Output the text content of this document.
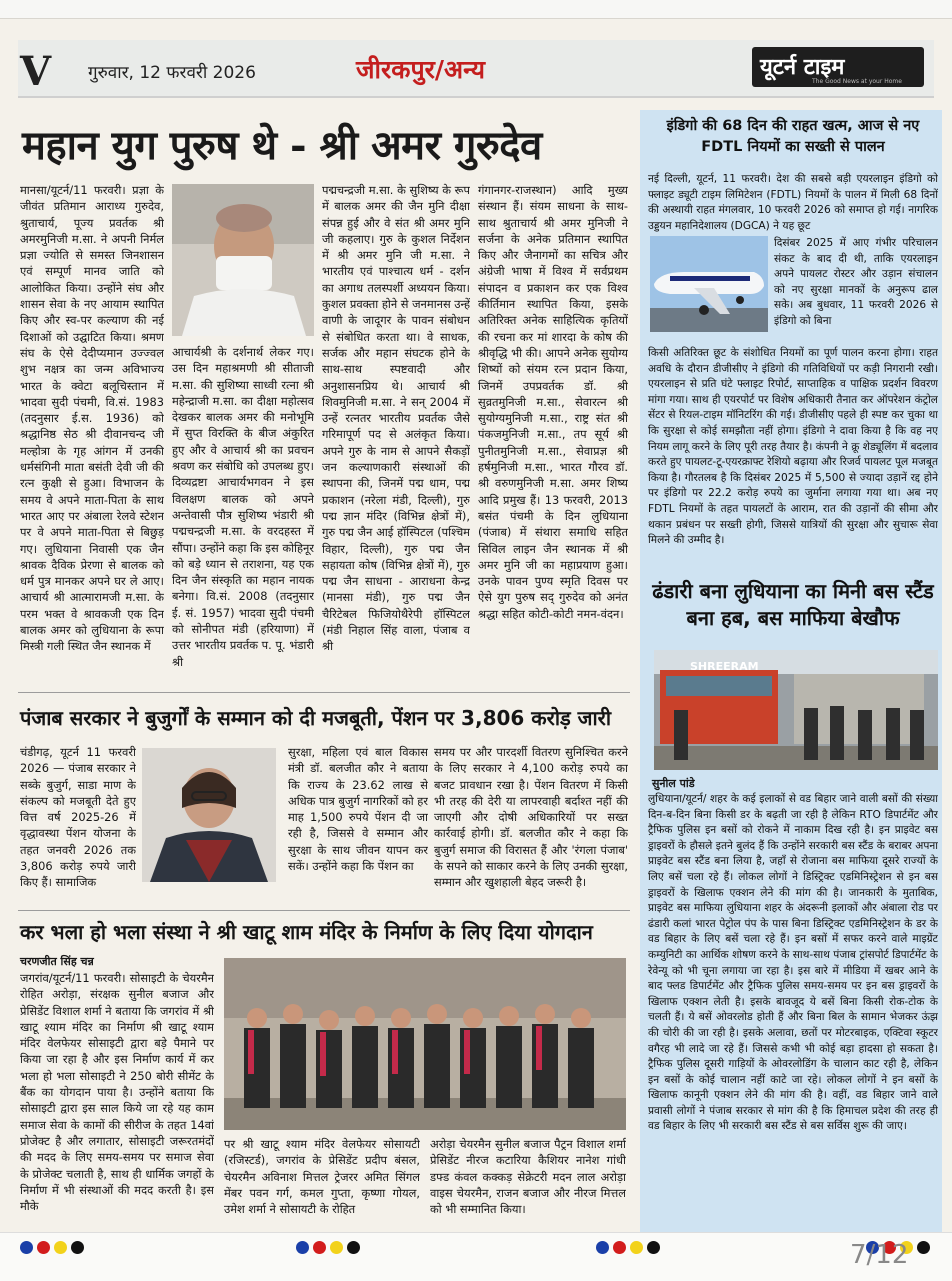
V गुरुवार, 12 फरवरी 2026	जीरकपुर/अन्य	यूटर्न टाइम
The Good News at your Home
महान युग पुरुष थे - श्री अमर गुरुदेव
मानसा/यूटर्न/11 फरवरी। प्रज्ञा के जीवंत प्रतिमान आराध्य गुरुदेव, श्रुताचार्य, पूज्य प्रवर्तक श्री अमरमुनिजी म.सा. ने अपनी निर्मल प्रज्ञा ज्योति से समस्त जिनशासन एवं सम्पूर्ण मानव जाति को आलोकित किया। उन्होंने संघ और शासन सेवा के नए आयाम स्थापित किए और स्व-पर कल्याण की नई दिशाओं को उद्घाटित किया। श्रमण संघ के ऐसे देदीप्यमान उज्ज्वल शुभ नक्षत्र का जन्म अविभाज्य भारत के क्वेटा बलूचिस्तान में भादवा सुदी पंचमी, वि.सं. 1983 (तदनुसार ई.स. 1936) को श्रद्धानिष्ठ सेठ श्री दीवानचन्द जी मल्होत्रा के गृह आंगन में उनकी धर्मसंगिनी माता बसंती देवी जी की रत्न कुक्षी से हुआ। विभाजन के समय वे अपने माता-पिता के साथ भारत आए पर अंबाला रेलवे स्टेशन पर वे अपने माता-पिता से बिछुड़ गए। लुधियाना निवासी एक जैन श्रावक दैविक प्रेरणा से बालक को धर्म पुत्र मानकर अपने घर ले आए। आचार्य श्री आत्मारामजी म.सा. के परम भक्त वे श्रावकजी एक दिन बालक अमर को लुधियाना के रूपा मिस्त्री गली स्थित जैन स्थानक में
आचार्यश्री के दर्शनार्थ लेकर गए। उस दिन महाश्रमणी श्री सीताजी म.सा. की सुशिष्या साध्वी रत्ना श्री महेन्द्राजी म.सा. का दीक्षा महोत्सव देखकर बालक अमर की मनोभूमि में सुप्त विरक्ति के बीज अंकुरित हुए और वे आचार्य श्री का प्रवचन श्रवण कर संबोधि को उपलब्ध हुए। दिव्यद्रष्टा आचार्यभगवन ने इस विलक्षण बालक को अपने अन्तेवासी पौत्र सुशिष्य भंडारी श्री पद्मचन्द्रजी म.सा. के वरदहस्त में सौंपा। उन्होंने कहा कि इस कोहिनूर को बड़े ध्यान से तराशना, यह एक दिन जैन संस्कृति का महान नायक बनेगा। वि.सं. 2008 (तदनुसार ई. सं. 1957) भादवा सुदी पंचमी को सोनीपत मंडी (हरियाणा) में उत्तर भारतीय प्रवर्तक प. पू. भंडारी श्री
पद्मचन्द्रजी म.सा. के सुशिष्य के रूप में बालक अमर की जैन मुनि दीक्षा संपन्न हुई और वे संत श्री अमर मुनि जी कहलाए। गुरु के कुशल निर्देशन में श्री अमर मुनि जी म.सा. ने भारतीय एवं पाश्चात्य धर्म - दर्शन का अगाध तलस्पर्शी अध्ययन किया। कुशल प्रवक्ता होने से जनमानस उन्हें वाणी के जादूगर के पावन संबोधन से संबोधित करता था। वे साधक, सर्जक और महान संघटक होने के साथ-साथ स्पष्टवादी और अनुशासनप्रिय थे। आचार्य श्री शिवमुनिजी म.सा. ने सन्‌ 2004 में उन्हें रत्नतर भारतीय प्रवर्तक जैसे गरिमापूर्ण पद से अलंकृत किया। अपने गुरु के नाम से आपने सैकड़ों जन कल्याणकारी संस्थाओं की स्थापना की, जिनमें पद्म धाम, पद्म प्रकाशन (नरेला मंडी, दिल्ली), गुरु पद्म ज्ञान मंदिर (विभिन्न क्षेत्रों में), गुरु पद्म जैन आई हॉस्पिटल (पश्चिम विहार, दिल्ली), गुरु पद्म जैन सहायता कोष (विभिन्न क्षेत्रों में), गुरु पद्म जैन साधना - आराधना केन्द्र (मानसा मंडी), गुरु पद्म जैन चैरिटेबल फिजियोथैरेपी हॉस्पिटल (मंडी निहाल सिंह वाला, पंजाब व श्री
गंगानगर-राजस्थान) आदि मुख्य संस्थान हैं। संयम साधना के साथ-साथ श्रुताचार्य श्री अमर मुनिजी ने सर्जना के अनेक प्रतिमान स्थापित किए और जैनागमों का सचित्र और अंग्रेजी भाषा में विश्व में सर्वप्रथम संपादन व प्रकाशन कर एक विश्व कीर्तिमान स्थापित किया, इसके अतिरिक्त अनेक साहित्यिक कृतियों की रचना कर मां शारदा के कोष की श्रीवृद्धि भी की। आपने अनेक सुयोग्य शिष्यों को संयम रत्न प्रदान किया, जिनमें उपप्रवर्तक डॉ. श्री सुव्रतमुनिजी म.सा., सेवारत्न श्री सुयोग्यमुनिजी म.सा., राष्ट्र संत श्री पंकजमुनिजी म.सा., तप सूर्य श्री पुनीतमुनिजी म.सा., सेवाप्रज्ञ श्री हर्षमुनिजी म.सा., भारत गौरव डॉ. श्री वरुणमुनिजी म.सा. अमर शिष्य आदि प्रमुख हैं। 13 फरवरी, 2013 बसंत पंचमी के दिन लुधियाना (पंजाब) में संथारा समाधि सहित सिविल लाइन जैन स्थानक में श्री अमर मुनि जी का महाप्रयाण हुआ। उनके पावन पुण्य स्मृति दिवस पर ऐसे युग पुरुष सद्‌ गुरुदेव को अनंत श्रद्धा सहित कोटी-कोटी नमन-वंदन।
पंजाब सरकार ने बुजुर्गों के सम्मान को दी मजबूती, पेंशन पर 3,806 करोड़ जारी
चंडीगढ़, यूटर्न 11 फरवरी 2026 — पंजाब सरकार ने सब्के बुजुर्ग, साडा माण के संकल्प को मजबूती देते हुए वित्त वर्ष 2025-26 में वृद्धावस्था पेंशन योजना के तहत जनवरी 2026 तक 3,806 करोड़ रुपये जारी किए हैं। सामाजिक
सुरक्षा, महिला एवं बाल विकास मंत्री डॉ. बलजीत कौर ने बताया कि राज्य के 23.62 लाख से अधिक पात्र बुजुर्ग नागरिकों को हर माह 1,500 रुपये पेंशन दी जा रही है, जिससे वे सम्मान और सुरक्षा के साथ जीवन यापन कर सकें। उन्होंने कहा कि पेंशन का
समय पर और पारदर्शी वितरण सुनिश्चित करने के लिए सरकार ने 4,100 करोड़ रुपये का बजट प्रावधान रखा है। पेंशन वितरण में किसी भी तरह की देरी या लापरवाही बर्दाश्त नहीं की जाएगी और दोषी अधिकारियों पर सख्त कार्रवाई होगी। डॉ. बलजीत कौर ने कहा कि बुजुर्ग समाज की विरासत हैं और 'रंगला पंजाब' के सपने को साकार करने के लिए उनकी सुरक्षा, सम्मान और खुशहाली बेहद जरूरी है।
कर भला हो भला संस्था ने श्री खाटू शाम मंदिर के निर्माण के लिए दिया योगदान
चरणजीत सिंह चन्न
जगरांव/यूटर्न/11 फरवरी। सोसाइटी के चेयरमैन रोहित अरोड़ा, संरक्षक सुनील बजाज और प्रेसिडेंट विशाल शर्मा ने बताया कि जगरांव में श्री खाटू श्याम मंदिर का निर्माण श्री खाटू श्याम मंदिर वेलफेयर सोसाइटी द्वारा बड़े पैमाने पर किया जा रहा है और इस निर्माण कार्य में कर भला हो भला सोसाइटी ने 250 बोरी सीमेंट के बैंक का योगदान पाया है। उन्होंने बताया कि सोसाइटी द्वारा इस साल किये जा रहे यह काम समाज सेवा के कामों की सीरीज के तहत 14वां प्रोजेक्ट है और लगातार, सोसाइटी जरूरतमंदों की मदद के लिए समय-समय पर समाज सेवा के प्रोजेक्ट चलाती है, साथ ही धार्मिक जगहों के निर्माण में भी संस्थाओं की मदद करती है। इस मौके
पर श्री खाटू श्याम मंदिर वेलफेयर सोसायटी (रजिस्टर्ड), जगरांव के प्रेसिडेंट प्रदीप बंसल, चेयरमैन अविनाश मित्तल ट्रेजरर अमित सिंगल मेंबर पवन गर्ग, कमल गुप्ता, कृष्णा गोयल, उमेश शर्मा ने सोसायटी के रोहित
अरोड़ा चेयरमैन सुनील बजाज पैट्रन विशाल शर्मा प्रेसिडेंट नीरज कटारिया कैशियर नानेश गांधी डफ्ड कंवल कक्कड़ सेक्रेटरी मदन लाल अरोड़ा वाइस चेयरमैन, राजन बजाज और नीरज मित्तल को भी सम्मानित किया।
इंडिगो की 68 दिन की राहत खत्म, आज से नए FDTL नियमों का सख्ती से पालन
नई दिल्ली, यूटर्न, 11 फरवरी। देश की सबसे बड़ी एयरलाइन इंडिगो को फ्लाइट ड्यूटी टाइम लिमिटेशन (FDTL) नियमों के पालन में मिली 68 दिनों की अस्थायी राहत मंगलवार, 10 फरवरी 2026 को समाप्त हो गई। नागरिक उड्डयन महानिदेशालय (DGCA) ने यह छूट
दिसंबर 2025 में आए गंभीर परिचालन संकट के बाद दी थी, ताकि एयरलाइन अपने पायलट रोस्टर और उड़ान संचालन को नए सुरक्षा मानकों के अनुरूप ढाल सके। अब बुधवार, 11 फरवरी 2026 से इंडिगो को बिना
किसी अतिरिक्त छूट के संशोधित नियमों का पूर्ण पालन करना होगा। राहत अवधि के दौरान डीजीसीए ने इंडिगो की गतिविधियों पर कड़ी निगरानी रखी। एयरलाइन से प्रति घंटे फ्लाइट रिपोर्ट, साप्ताहिक व पाक्षिक प्रदर्शन विवरण मांगा गया। साथ ही एयरपोर्ट पर विशेष अधिकारी तैनात कर ऑपरेशन कंट्रोल सेंटर से रियल-टाइम मॉनिटरिंग की गई। डीजीसीए पहले ही स्पष्ट कर चुका था कि सुरक्षा से कोई समझौता नहीं होगा। इंडिगो ने दावा किया है कि वह नए नियम लागू करने के लिए पूरी तरह तैयार है। कंपनी ने क्रू शेड्यूलिंग में बदलाव करते हुए पायलट-टू-एयरक्राफ्ट रेशियो बढ़ाया और रिजर्व पायलट पूल मजबूत किया है। गौरतलब है कि दिसंबर 2025 में 5,500 से ज्यादा उड़ानें रद्द होने पर इंडिगो पर 22.2 करोड़ रुपये का जुर्माना लगाया गया था। अब नए FDTL नियमों के तहत पायलटों के आराम, रात की उड़ानों की सीमा और थकान प्रबंधन पर सख्ती होगी, जिससे यात्रियों की सुरक्षा और सुचारू सेवा मिलने की उम्मीद है।
ढंडारी बना लुधियाना का मिनी बस स्टैंड बना हब, बस माफिया बेखौफ
SHREERAM
सुनील पांडे
लुधियाना/यूटर्न/ शहर के कई इलाकों से वड बिहार जाने वाली बसों की संख्या दिन-ब-दिन बिना किसी डर के बढ़ती जा रही है लेकिन RTO डिपार्टमेंट और ट्रैफिक पुलिस इन बसों को रोकने में नाकाम दिख रही है। इन प्राइवेट बस ड्राइवरों के हौसले इतने बुलंद हैं कि उन्होंने सरकारी बस स्टैंड के बराबर अपना प्राइवेट बस स्टैंड बना लिया है, जहाँ से रोजाना बस माफिया दूसरे राज्यों के लिए बसें चला रहे हैं। लोकल लोगों ने डिस्ट्रिक्ट एडमिनिस्ट्रेशन से इन बस ड्राइवरों के खिलाफ एक्शन लेने की मांग की है। जानकारी के मुताबिक, प्राइवेट बस माफिया लुधियाना शहर के अंदरूनी इलाकों और अंबाला रोड पर ढंडारी कलां भारत पेट्रोल पंप के पास बिना डिस्ट्रिक्ट एडमिनिस्ट्रेशन के डर के वड बिहार के लिए बसें चला रहे हैं। इन बसों में सफर करने वाले माइग्रेंट कम्युनिटी का आर्थिक शोषण करने के साथ-साथ पंजाब ट्रांसपोर्ट डिपार्टमेंट के रेवेन्यू को भी चूना लगाया जा रहा है। इस बारे में मीडिया में खबर आने के बाद फ्लड डिपार्टमेंट और ट्रैफिक पुलिस समय-समय पर इन बस ड्राइवरों के खिलाफ एक्शन लेती है। इसके बावजूद ये बसें बिना किसी रोक-टोक के चलती हैं। ये बसें ओवरलोड होती हैं और बिना बिल के सामान भेजकर ऊंझ की चोरी की जा रही है। इसके अलावा, छतों पर मोटरबाइक, एक्टिवा स्कूटर वगैरह भी लादे जा रहे हैं। जिससे कभी भी कोई बड़ा हादसा हो सकता है। ट्रैफिक पुलिस दूसरी गाड़ियों के ओवरलोडिंग के चालान काट रही है, लेकिन इन बसों के कोई चालान नहीं काटे जा रहे। लोकल लोगों ने इन बसों के खिलाफ कानूनी एक्शन लेने की मांग की है। वहीं, वड बिहार जाने वाले प्रवासी लोगों ने पंजाब सरकार से मांग की है कि हिमाचल प्रदेश की तरह ही वड बिहार के लिए भी सरकारी बस स्टैंड से बस सर्विस शुरू की जाए।
7/12
